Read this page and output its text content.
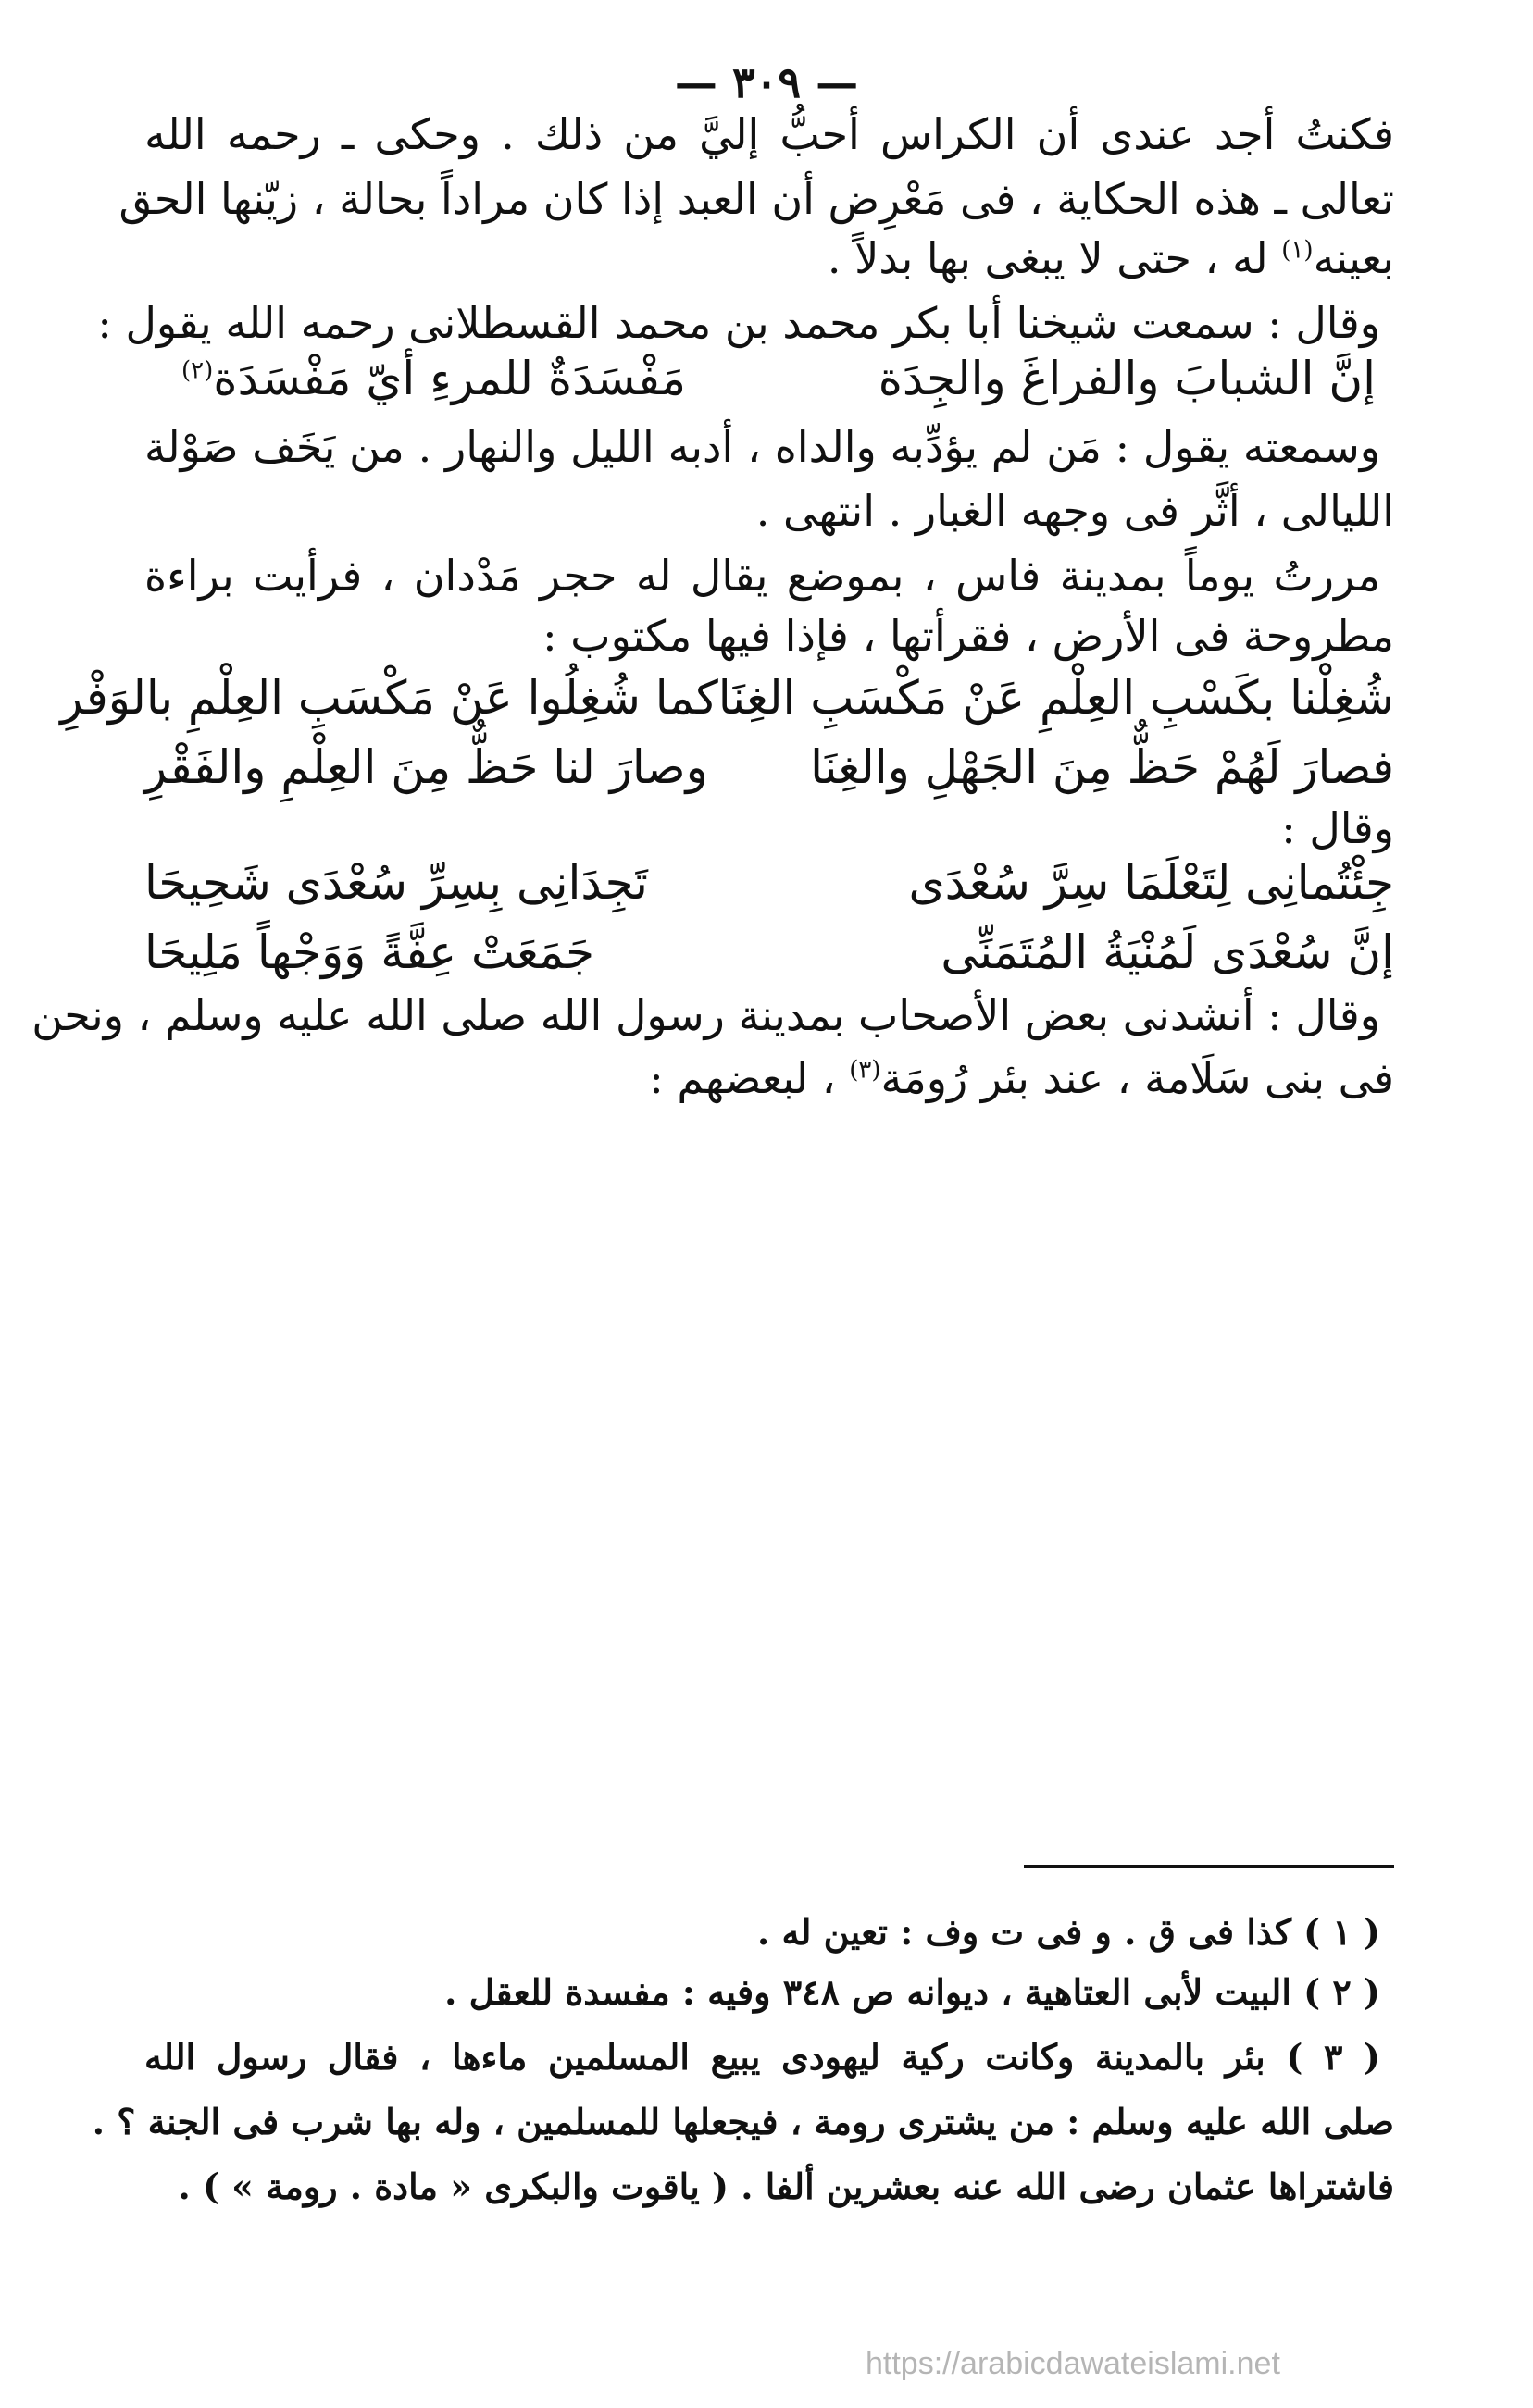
— ٣٠٩ —
فكنتُ أجد عندى أن الكراس أحبُّ إليَّ من ذلك . وحكى ـ رحمه الله
تعالى ـ هذه الحكاية ، فى مَعْرِض أن العبد إذا كان مراداً بحالة ، زيّنها الحق
بعينه$^{(١)}$ له ، حتى لا يبغى بها بدلاً .
وقال : سمعت شيخنا أبا بكر محمد بن محمد القسطلانى رحمه الله يقول :
إنَّ الشبابَ والفراغَ والجِدَة
مَفْسَدَةٌ للمرءِ أيّ مَفْسَدَة$^{(٢)}$
وسمعته يقول : مَن لم يؤدِّبه والداه ، أدبه الليل والنهار . من يَخَف صَوْلة
الليالى ، أثَّر فى وجهه الغبار . انتهى .
مررتُ يوماً بمدينة فاس ، بموضع يقال له حجر مَدْدان ، فرأيت براءة
مطروحة فى الأرض ، فقرأتها ، فإذا فيها مكتوب :
شُغِلْنا بكَسْبِ العِلْمِ عَنْ مَكْسَبِ الغِنَا
كما شُغِلُوا عَنْ مَكْسَبِ العِلْمِ بالوَفْرِ
فصارَ لَهُمْ حَظٌّ مِنَ الجَهْلِ والغِنَا
وصارَ لنا حَظٌّ مِنَ العِلْمِ والفَقْرِ
وقال :
جِئْتُمانِى لِتَعْلَمَا سِرَّ سُعْدَى
تَجِدَانِى بِسِرِّ سُعْدَى شَحِيحَا
إنَّ سُعْدَى لَمُنْيَةُ المُتَمَنِّى
جَمَعَتْ عِفَّةً وَوَجْهاً مَلِيحَا
وقال : أنشدنى بعض الأصحاب بمدينة رسول الله صلى الله عليه وسلم ، ونحن
فى بنى سَلَامة ، عند بئر رُومَة$^{(٣)}$ ، لبعضهم :
( ١ ) كذا فى ق . و فى ت وف : تعين له .
( ٢ ) البيت لأبى العتاهية ، ديوانه ص ٣٤٨ وفيه : مفسدة للعقل .
( ٣ ) بئر بالمدينة وكانت ركية ليهودى يبيع المسلمين ماءها ، فقال رسول الله
صلى الله عليه وسلم : من يشترى رومة ، فيجعلها للمسلمين ، وله بها شرب فى الجنة ؟ .
فاشتراها عثمان رضى الله عنه بعشرين ألفا . ( ياقوت والبكرى « مادة . رومة » ) .
https://arabicdawateislami.net
